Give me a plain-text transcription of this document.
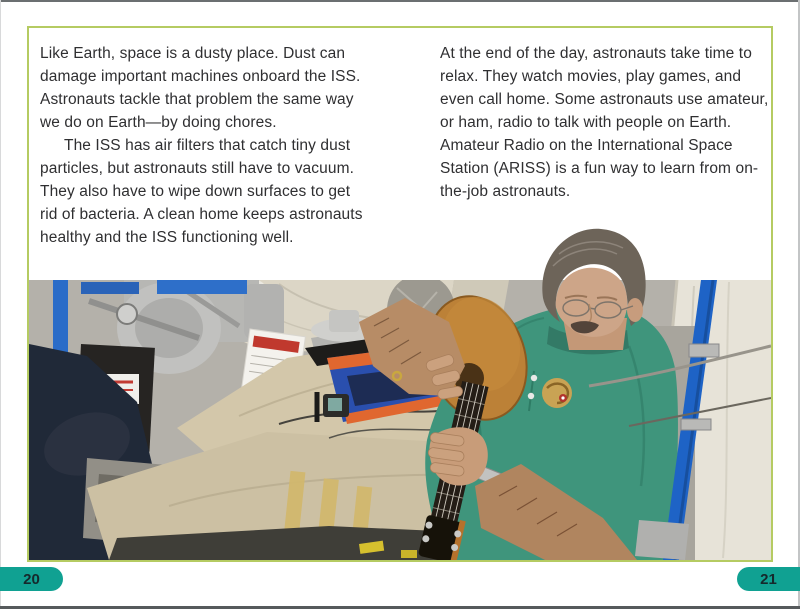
Like Earth, space is a dusty place. Dust can damage important machines onboard the ISS. Astronauts tackle that problem the same way we do on Earth—by doing chores.

The ISS has air filters that catch tiny dust particles, but astronauts still have to vacuum. They also have to wipe down surfaces to get rid of bacteria. A clean home keeps astronauts healthy and the ISS functioning well.

At the end of the day, astronauts take time to relax. They watch movies, play games, and even call home. Some astronauts use amateur, or ham, radio to talk with people on Earth. Amateur Radio on the International Space Station (ARISS) is a fun way to learn from on-the-job astronauts.

20	21
